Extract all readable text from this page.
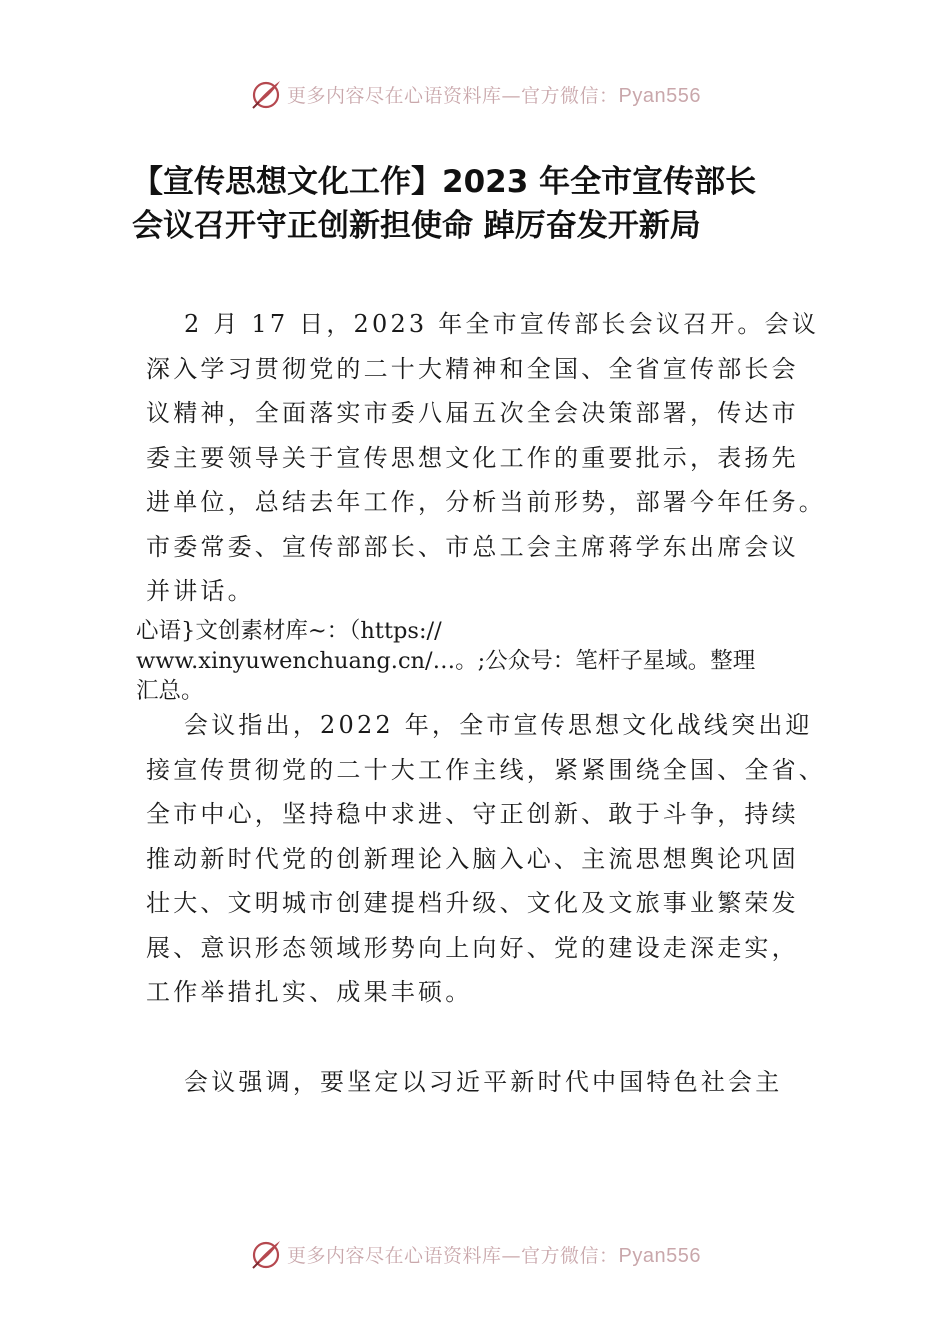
更多内容尽在心语资料库—官方微信：Pyan556
【宣传思想文化工作】2023 年全市宣传部长
会议召开守正创新担使命 踔厉奋发开新局
　 2 月 17 日，2023 年全市宣传部长会议召开。会议
深入学习贯彻党的二十大精神和全国、全省宣传部长会
议精神，全面落实市委八届五次全会决策部署，传达市
委主要领导关于宣传思想文化工作的重要批示，表扬先
进单位，总结去年工作，分析当前形势，部署今年任务。
市委常委、宣传部部长、市总工会主席蒋学东出席会议
并讲话。
心语}文创素材库~：（https://
www.xinyuwenchuang.cn/…。;公众号：笔杆子星域。整理
汇总。
　 会议指出，2022 年，全市宣传思想文化战线突出迎
接宣传贯彻党的二十大工作主线，紧紧围绕全国、全省、
全市中心，坚持稳中求进、守正创新、敢于斗争，持续
推动新时代党的创新理论入脑入心、主流思想舆论巩固
壮大、文明城市创建提档升级、文化及文旅事业繁荣发
展、意识形态领域形势向上向好、党的建设走深走实，
工作举措扎实、成果丰硕。
　 会议强调，要坚定以习近平新时代中国特色社会主
更多内容尽在心语资料库—官方微信：Pyan556
